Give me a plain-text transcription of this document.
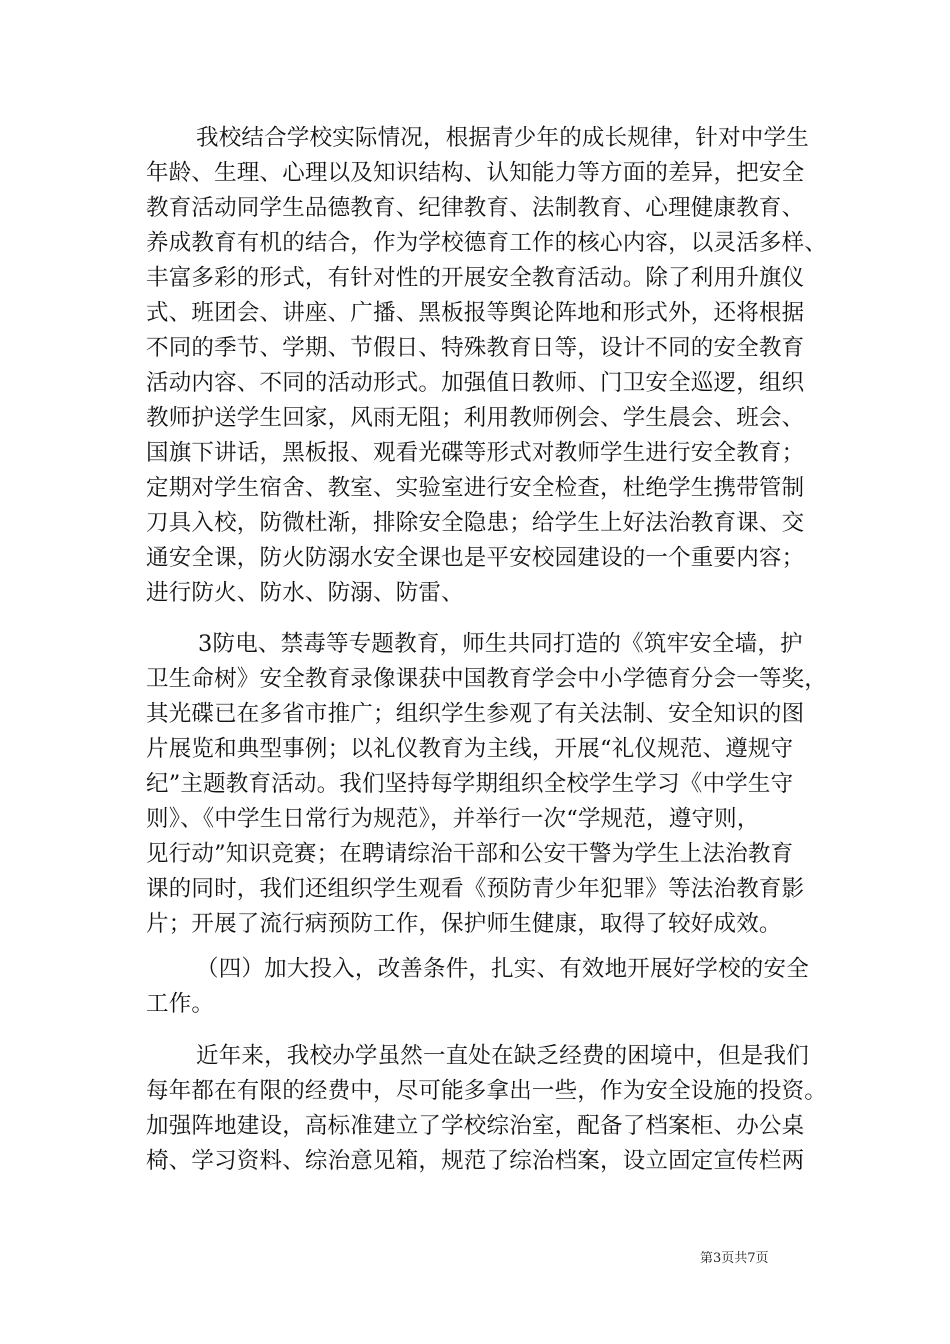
我校结合学校实际情况，根据青少年的成长规律，针对中学生
年龄、生理、心理以及知识结构、认知能力等方面的差异，把安全
教育活动同学生品德教育、纪律教育、法制教育、心理健康教育、
养成教育有机的结合，作为学校德育工作的核心内容，以灵活多样、
丰富多彩的形式，有针对性的开展安全教育活动。除了利用升旗仪
式、班团会、讲座、广播、黑板报等舆论阵地和形式外，还将根据
不同的季节、学期、节假日、特殊教育日等，设计不同的安全教育
活动内容、不同的活动形式。加强值日教师、门卫安全巡逻，组织
教师护送学生回家，风雨无阻；利用教师例会、学生晨会、班会、
国旗下讲话，黑板报、观看光碟等形式对教师学生进行安全教育；
定期对学生宿舍、教室、实验室进行安全检查，杜绝学生携带管制
刀具入校，防微杜渐，排除安全隐患；给学生上好法治教育课、交
通安全课，防火防溺水安全课也是平安校园建设的一个重要内容；
进行防火、防水、防溺、防雷、
3防电、禁毒等专题教育，师生共同打造的《筑牢安全墙，护
卫生命树》安全教育录像课获中国教育学会中小学德育分会一等奖，
其光碟已在多省市推广；组织学生参观了有关法制、安全知识的图
片展览和典型事例；以礼仪教育为主线，开展“礼仪规范、遵规守
纪”主题教育活动。我们坚持每学期组织全校学生学习《中学生守
则》、《中学生日常行为规范》，并举行一次“学规范，遵守则，
见行动”知识竞赛；在聘请综治干部和公安干警为学生上法治教育
课的同时，我们还组织学生观看《预防青少年犯罪》等法治教育影
片；开展了流行病预防工作，保护师生健康，取得了较好成效。
（四）加大投入，改善条件，扎实、有效地开展好学校的安全
工作。
近年来，我校办学虽然一直处在缺乏经费的困境中，但是我们
每年都在有限的经费中，尽可能多拿出一些，作为安全设施的投资。
加强阵地建设，高标准建立了学校综治室，配备了档案柜、办公桌
椅、学习资料、综治意见箱，规范了综治档案，设立固定宣传栏两
第3页共7页
